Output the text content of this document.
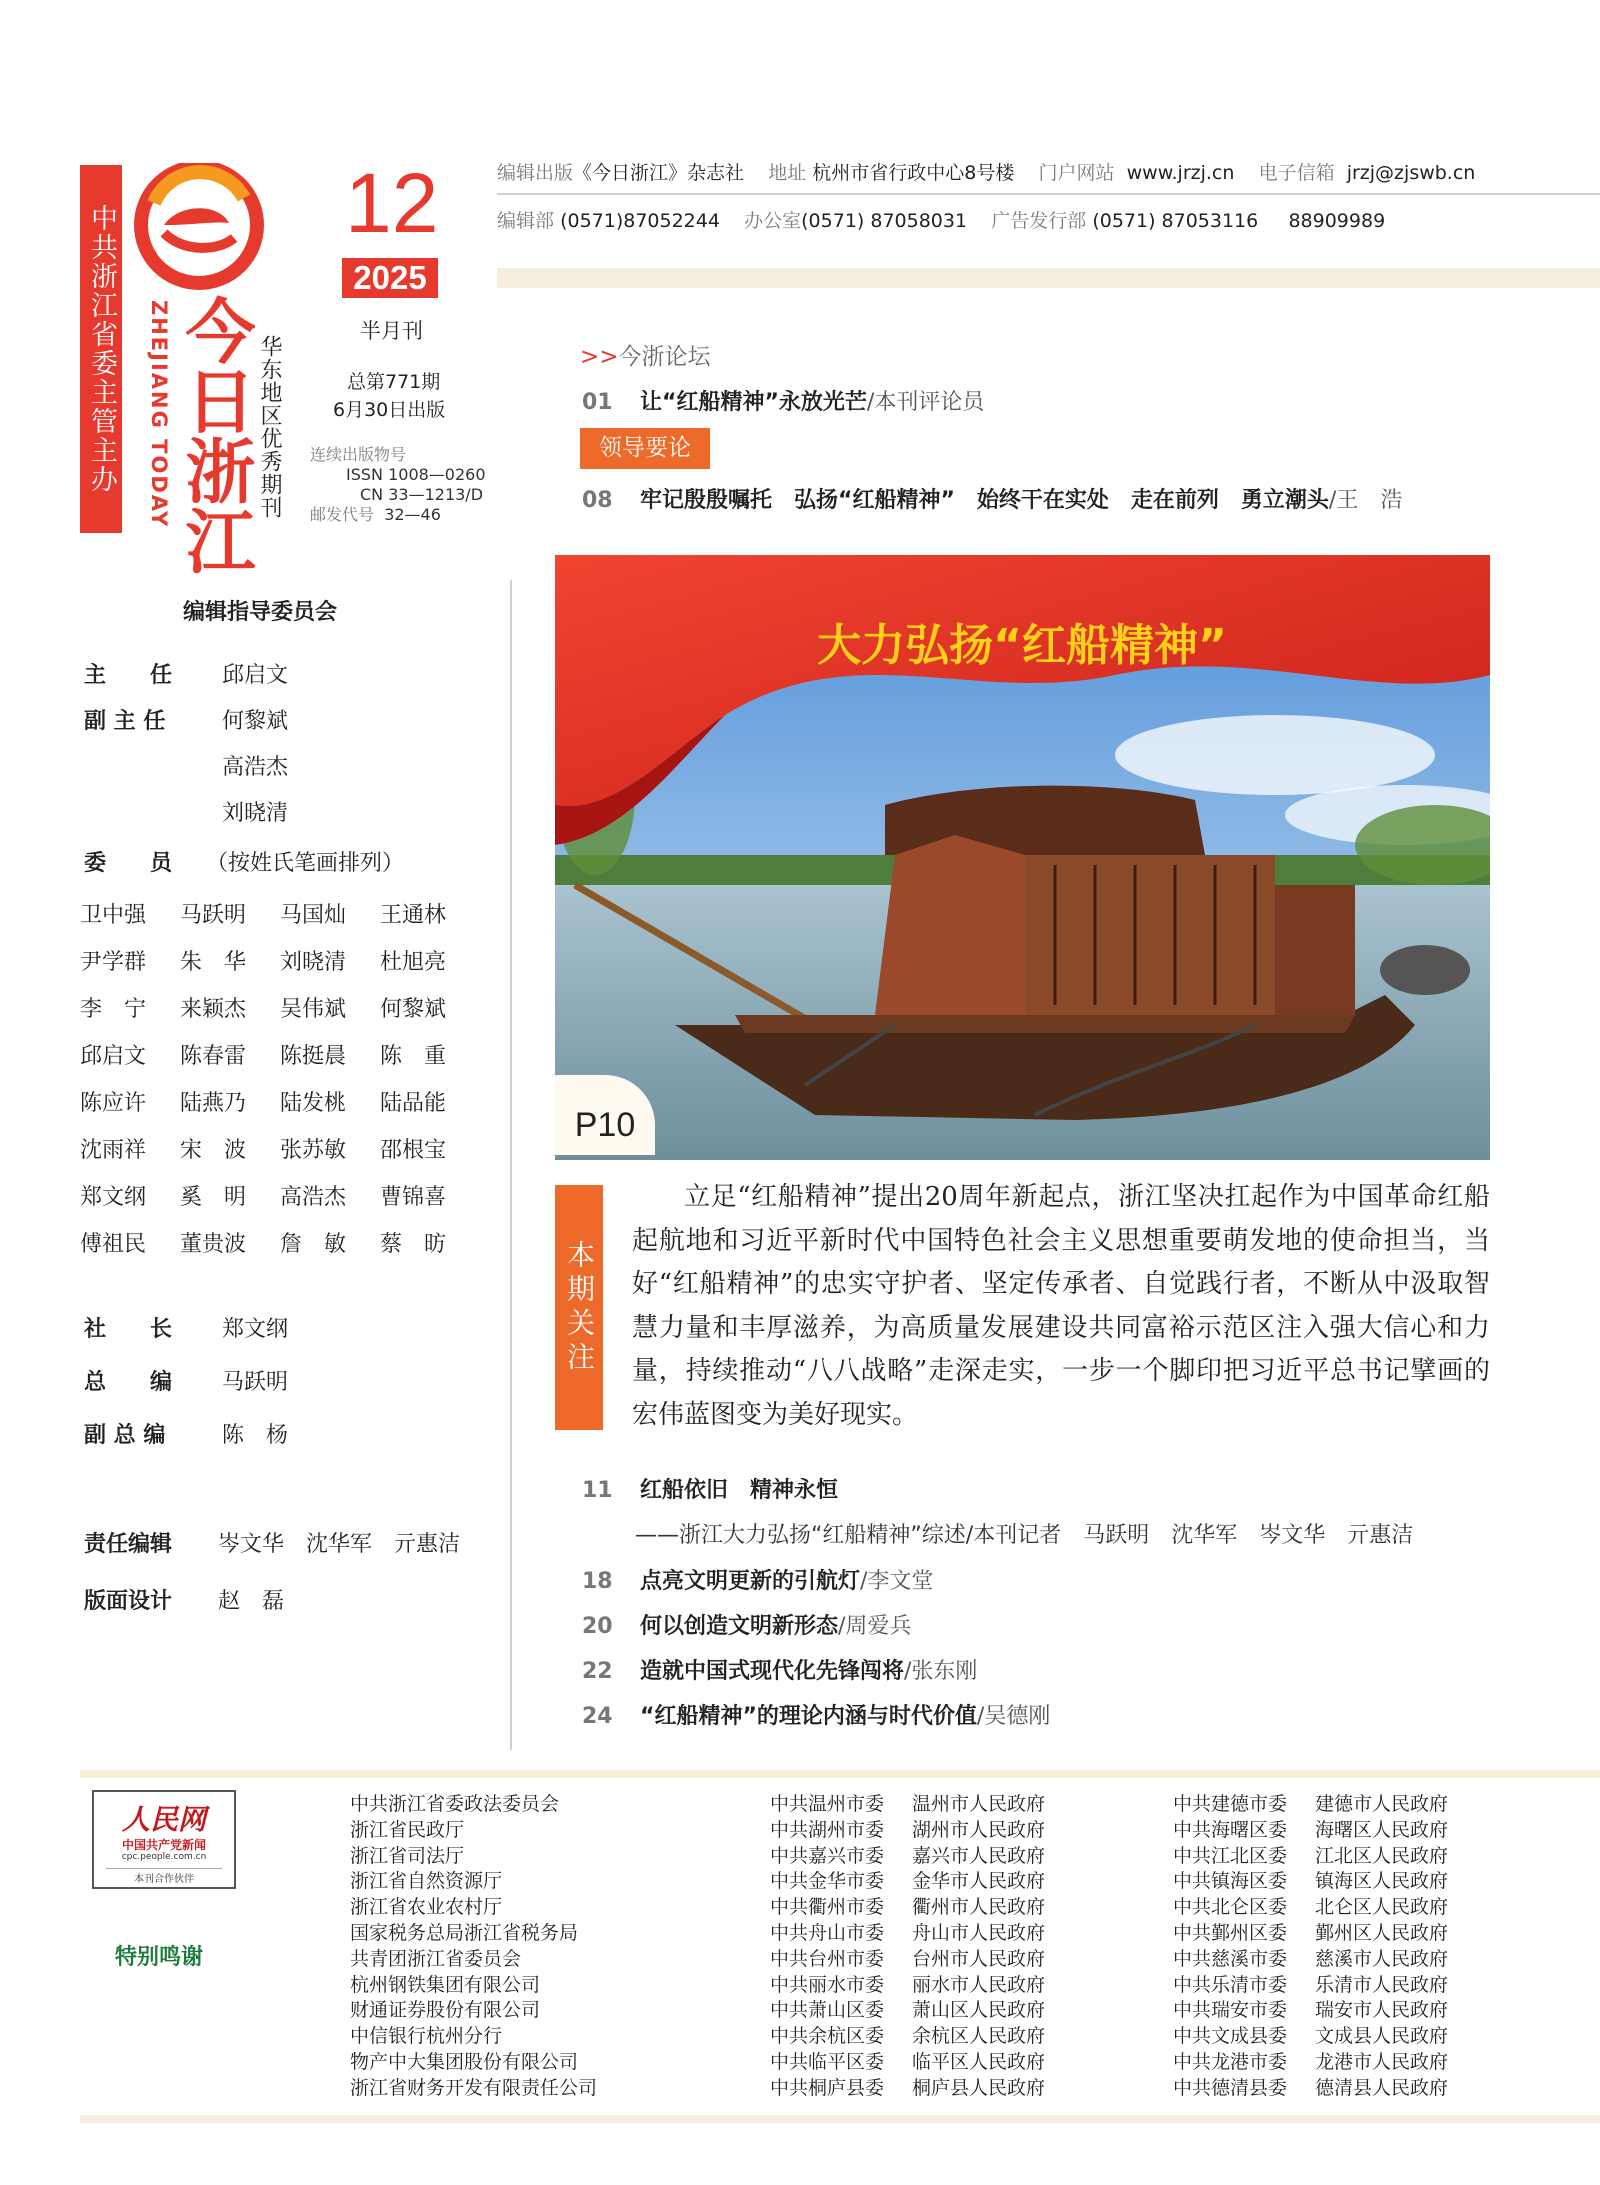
中共浙江省委主管主办 今日浙江
ZHEJIANG TODAY	华东地区优秀期刊
12
2025
半月刊
总第771期
6月30日出版
连续出版物号
ISSN 1008—0260
CN 33—1213/D
邮发代号 32—46
编辑出版《今日浙江》杂志社 地址 杭州市省行政中心8号楼 门户网站 www.jrzj.cn 电子信箱 jrzj@zjswb.cn
编辑部 (0571)87052244 办公室(0571) 87058031 广告发行部 (0571) 87053116 88909989
>>今浙论坛
01 让“红船精神”永放光芒/本刊评论员
领导要论
08 牢记殷殷嘱托　弘扬“红船精神”　始终干在实处　走在前列　勇立潮头/王　浩
编辑指导委员会
主　　任 邱启文
副 主 任	何黎斌
高浩杰
刘晓清
委　　员 （按姓氏笔画排列）
卫中强	马跃明	马国灿	王通林
尹学群	朱　华	刘晓清	杜旭亮
李　宁	来颖杰	吴伟斌	何黎斌
邱启文	陈春雷	陈挺晨	陈　重
陈应许	陆燕乃	陆发桃	陆品能
沈雨祥	宋　波	张苏敏	邵根宝
郑文纲	奚　明	高浩杰	曹锦喜
傅祖民	董贵波	詹　敏	蔡　昉
社　　长 郑文纲
总　　编 马跃明
副 总 编	陈　杨
责任编辑 岑文华　沈华军　亓惠洁
版面设计 赵　磊
大力弘扬“红船精神”
P10
本期关注
立足“红船精神”提出20周年新起点，浙江坚决扛起作为中国革命红船起航地和习近平新时代中国特色社会主义思想重要萌发地的使命担当，当好“红船精神”的忠实守护者、坚定传承者、自觉践行者，不断从中汲取智慧力量和丰厚滋养，为高质量发展建设共同富裕示范区注入强大信心和力量，持续推动“八八战略”走深走实，一步一个脚印把习近平总书记擘画的宏伟蓝图变为美好现实。
11 红船依旧　精神永恒
——浙江大力弘扬“红船精神”综述/本刊记者　马跃明　沈华军　岑文华　亓惠洁
18 点亮文明更新的引航灯/李文堂
20 何以创造文明新形态/周爱兵
22 造就中国式现代化先锋闯将/张东刚
24 “红船精神”的理论内涵与时代价值/吴德刚
人民网
中国共产党新闻
cpc.people.com.cn
本刊合作伙伴
特别鸣谢
中共浙江省委政法委员会
浙江省民政厅
浙江省司法厅
浙江省自然资源厅
浙江省农业农村厅
国家税务总局浙江省税务局
共青团浙江省委员会
杭州钢铁集团有限公司
财通证券股份有限公司
中信银行杭州分行
物产中大集团股份有限公司
浙江省财务开发有限责任公司
中共温州市委 温州市人民政府
中共湖州市委 湖州市人民政府
中共嘉兴市委 嘉兴市人民政府
中共金华市委 金华市人民政府
中共衢州市委 衢州市人民政府
中共舟山市委 舟山市人民政府
中共台州市委 台州市人民政府
中共丽水市委 丽水市人民政府
中共萧山区委 萧山区人民政府
中共余杭区委 余杭区人民政府
中共临平区委 临平区人民政府
中共桐庐县委 桐庐县人民政府
中共建德市委 建德市人民政府
中共海曙区委 海曙区人民政府
中共江北区委 江北区人民政府
中共镇海区委 镇海区人民政府
中共北仑区委 北仑区人民政府
中共鄞州区委 鄞州区人民政府
中共慈溪市委 慈溪市人民政府
中共乐清市委 乐清市人民政府
中共瑞安市委 瑞安市人民政府
中共文成县委 文成县人民政府
中共龙港市委 龙港市人民政府
中共德清县委 德清县人民政府
